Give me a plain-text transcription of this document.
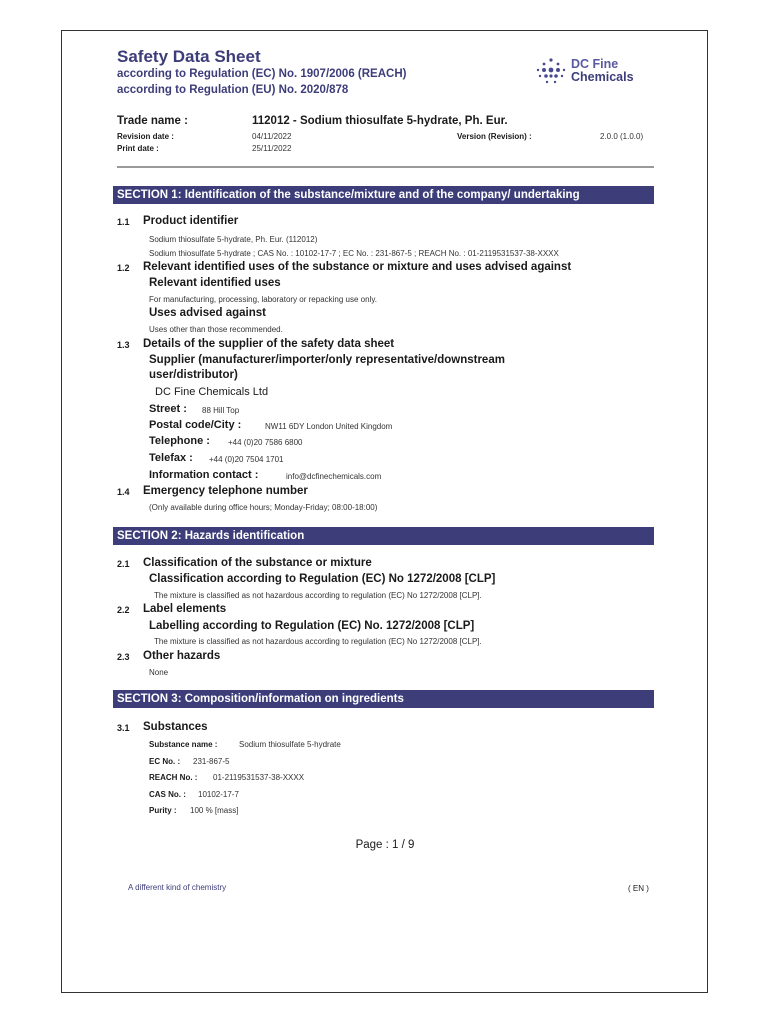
Safety Data Sheet
according to Regulation (EC) No. 1907/2006 (REACH)
according to Regulation (EU) No. 2020/878
DC Fine
Chemicals
Trade name :	112012 - Sodium thiosulfate 5-hydrate, Ph. Eur.
Revision date :	04/11/2022
Print date :	25/11/2022
Version (Revision) :	2.0.0 (1.0.0)
SECTION 1: Identification of the substance/mixture and of the company/ undertaking
1.1 Product identifier
Sodium thiosulfate 5-hydrate, Ph. Eur. (112012)
Sodium thiosulfate 5-hydrate ; CAS No. : 10102-17-7 ; EC No. : 231-867-5 ; REACH No. : 01-2119531537-38-XXXX
1.2 Relevant identified uses of the substance or mixture and uses advised against
Relevant identified uses
For manufacturing, processing, laboratory or repacking use only.
Uses advised against
Uses other than those recommended.
1.3 Details of the supplier of the safety data sheet
Supplier (manufacturer/importer/only representative/downstream
user/distributor)
DC Fine Chemicals Ltd
Street : 88 Hill Top
Postal code/City :	NW11 6DY London United Kingdom
Telephone : +44 (0)20 7586 6800
Telefax : +44 (0)20 7504 1701
Information contact :	info@dcfinechemicals.com
1.4 Emergency telephone number
(Only available during office hours; Monday-Friday; 08:00-18:00)
SECTION 2: Hazards identification
2.1 Classification of the substance or mixture
Classification according to Regulation (EC) No 1272/2008 [CLP]
The mixture is classified as not hazardous according to regulation (EC) No 1272/2008 [CLP].
2.2 Label elements
Labelling according to Regulation (EC) No. 1272/2008 [CLP]
The mixture is classified as not hazardous according to regulation (EC) No 1272/2008 [CLP].
2.3 Other hazards
None
SECTION 3: Composition/information on ingredients
3.1 Substances
Substance name :	Sodium thiosulfate 5-hydrate
EC No. : 231-867-5
REACH No. : 01-2119531537-38-XXXX
CAS No. : 10102-17-7
Purity : 100 % [mass]
Page : 1 / 9
A different kind of chemistry	( EN )
